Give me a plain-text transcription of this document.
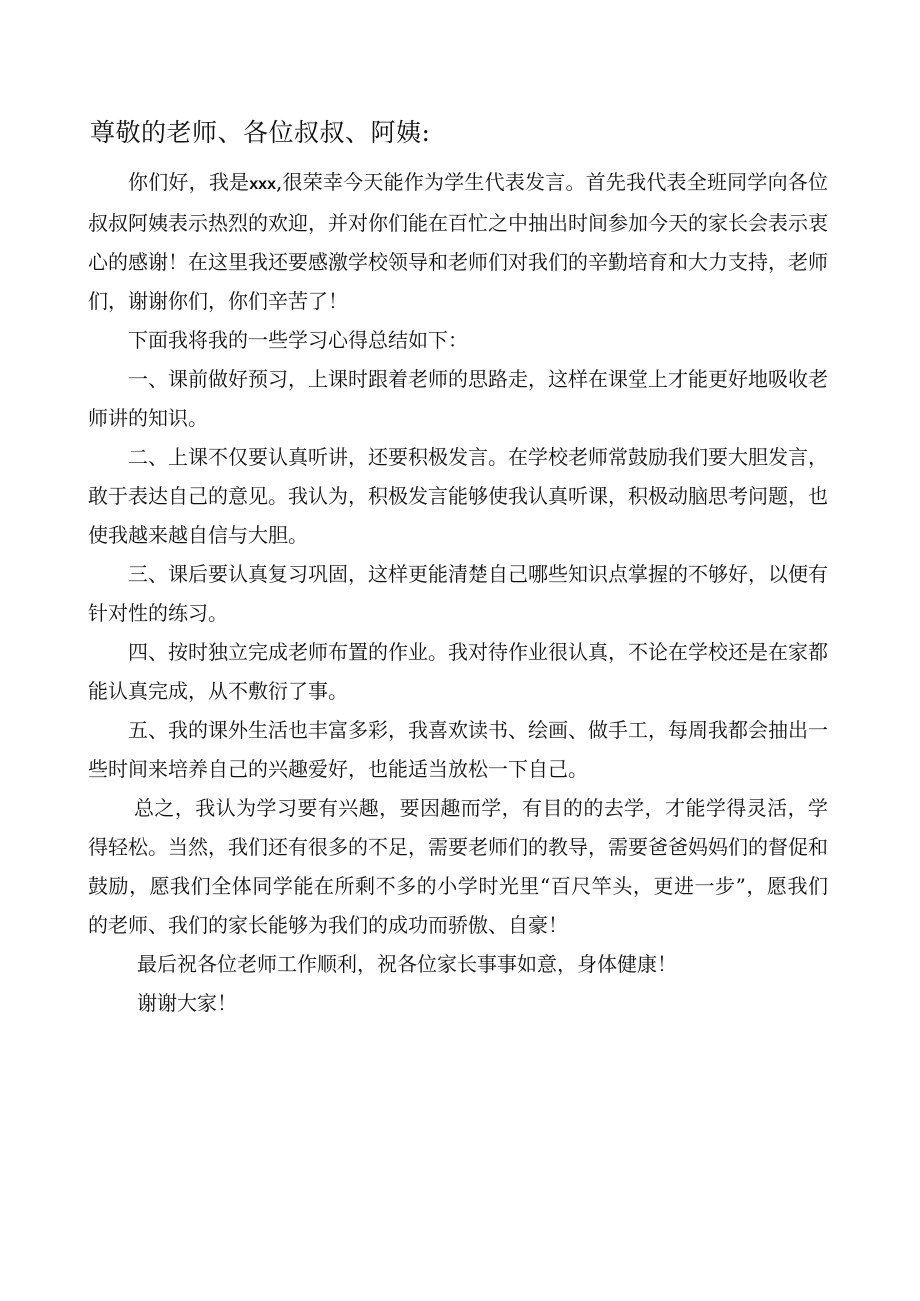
尊敬的老师、各位叔叔、阿姨:

你们好，我是xxx,很荣幸今天能作为学生代表发言。首先我代表全班同学向各位叔叔阿姨表示热烈的欢迎，并对你们能在百忙之中抽出时间参加今天的家长会表示衷心的感谢！在这里我还要感激学校领导和老师们对我们的辛勤培育和大力支持，老师们，谢谢你们，你们辛苦了！

下面我将我的一些学习心得总结如下：

一、课前做好预习，上课时跟着老师的思路走，这样在课堂上才能更好地吸收老师讲的知识。

二、上课不仅要认真听讲，还要积极发言。在学校老师常鼓励我们要大胆发言，敢于表达自己的意见。我认为，积极发言能够使我认真听课，积极动脑思考问题，也使我越来越自信与大胆。

三、课后要认真复习巩固，这样更能清楚自己哪些知识点掌握的不够好，以便有针对性的练习。

四、按时独立完成老师布置的作业。我对待作业很认真，不论在学校还是在家都能认真完成，从不敷衍了事。

五、我的课外生活也丰富多彩，我喜欢读书、绘画、做手工，每周我都会抽出一些时间来培养自己的兴趣爱好，也能适当放松一下自己。

总之，我认为学习要有兴趣，要因趣而学，有目的的去学，才能学得灵活，学得轻松。当然，我们还有很多的不足，需要老师们的教导，需要爸爸妈妈们的督促和鼓励，愿我们全体同学能在所剩不多的小学时光里“百尺竿头，更进一步”，愿我们的老师、我们的家长能够为我们的成功而骄傲、自豪！

最后祝各位老师工作顺利，祝各位家长事事如意，身体健康！

谢谢大家！
